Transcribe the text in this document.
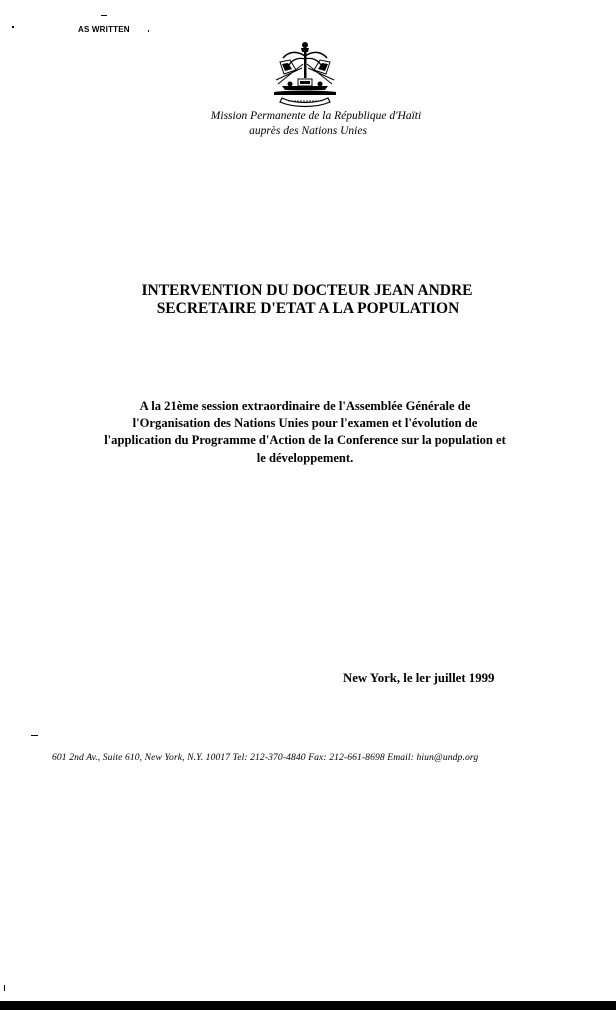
AS WRITTEN
Mission Permanente de la République d'Haïti
auprès des Nations Unies
INTERVENTION DU DOCTEUR JEAN ANDRE
SECRETAIRE D'ETAT A LA POPULATION
A la 21ème session extraordinaire de l'Assemblée Générale de l'Organisation des Nations Unies pour l'examen et l'évolution de l'application du Programme d'Action de la Conference sur la population et le développement.
New York, le ler juillet 1999
601 2nd Av., Suite 610, New York, N.Y. 10017 Tel: 212-370-4840 Fax: 212-661-8698 Email: hiun@undp.org
